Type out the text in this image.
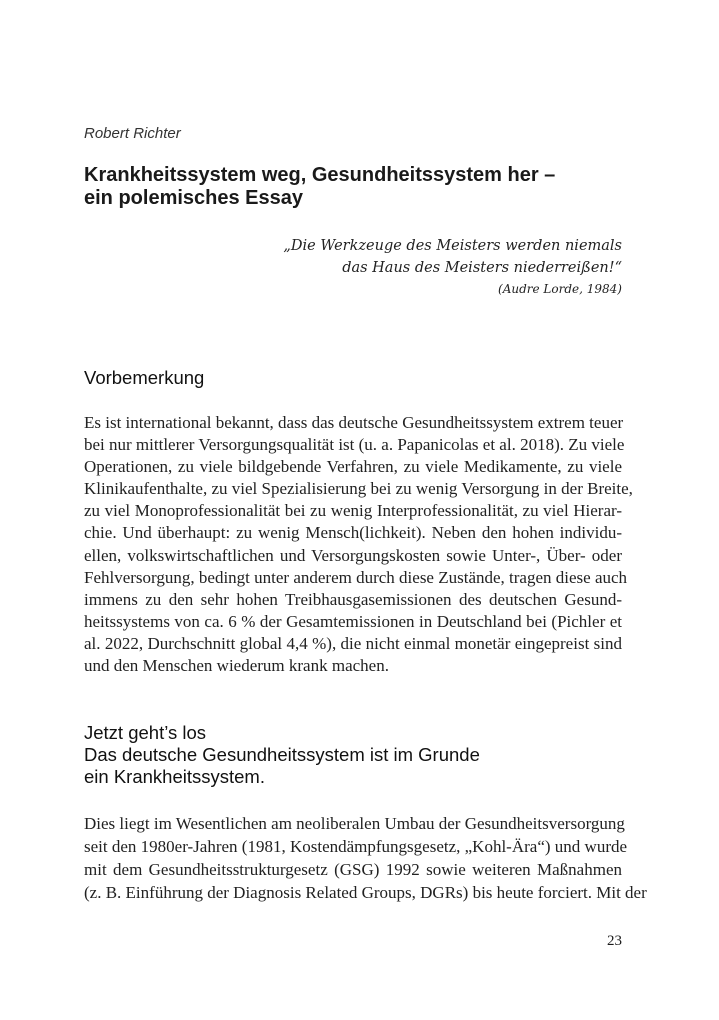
Robert Richter
Krankheitssystem weg, Gesundheitssystem her –
ein polemisches Essay
„Die Werkzeuge des Meisters werden niemals
das Haus des Meisters niederreißen!“
(Audre Lorde, 1984)
Vorbemerkung
Es ist international bekannt, dass das deutsche Gesundheitssystem extrem teuer
bei nur mittlerer Versorgungsqualität ist (u. a. Papanicolas et al. 2018). Zu viele
Operationen, zu viele bildgebende Verfahren, zu viele Medikamente, zu viele
Klinikaufenthalte, zu viel Spezialisierung bei zu wenig Versorgung in der Breite,
zu viel Monoprofessionalität bei zu wenig Interprofessionalität, zu viel Hierar-
chie. Und überhaupt: zu wenig Mensch(lichkeit). Neben den hohen individu-
ellen, volkswirtschaftlichen und Versorgungskosten sowie Unter-, Über- oder
Fehlversorgung, bedingt unter anderem durch diese Zustände, tragen diese auch
immens zu den sehr hohen Treibhausgasemissionen des deutschen Gesund-
heitssystems von ca. 6 % der Gesamtemissionen in Deutschland bei (Pichler et
al. 2022, Durchschnitt global 4,4 %), die nicht einmal monetär eingepreist sind
und den Menschen wiederum krank machen.
Jetzt geht’s los
Das deutsche Gesundheitssystem ist im Grunde
ein Krankheitssystem.
Dies liegt im Wesentlichen am neoliberalen Umbau der Gesundheitsversorgung
seit den 1980er-Jahren (1981, Kostendämpfungsgesetz, „Kohl-Ära“) und wurde
mit dem Gesundheitsstrukturgesetz (GSG) 1992 sowie weiteren Maßnahmen
(z. B. Einführung der Diagnosis Related Groups, DGRs) bis heute forciert. Mit der
23
